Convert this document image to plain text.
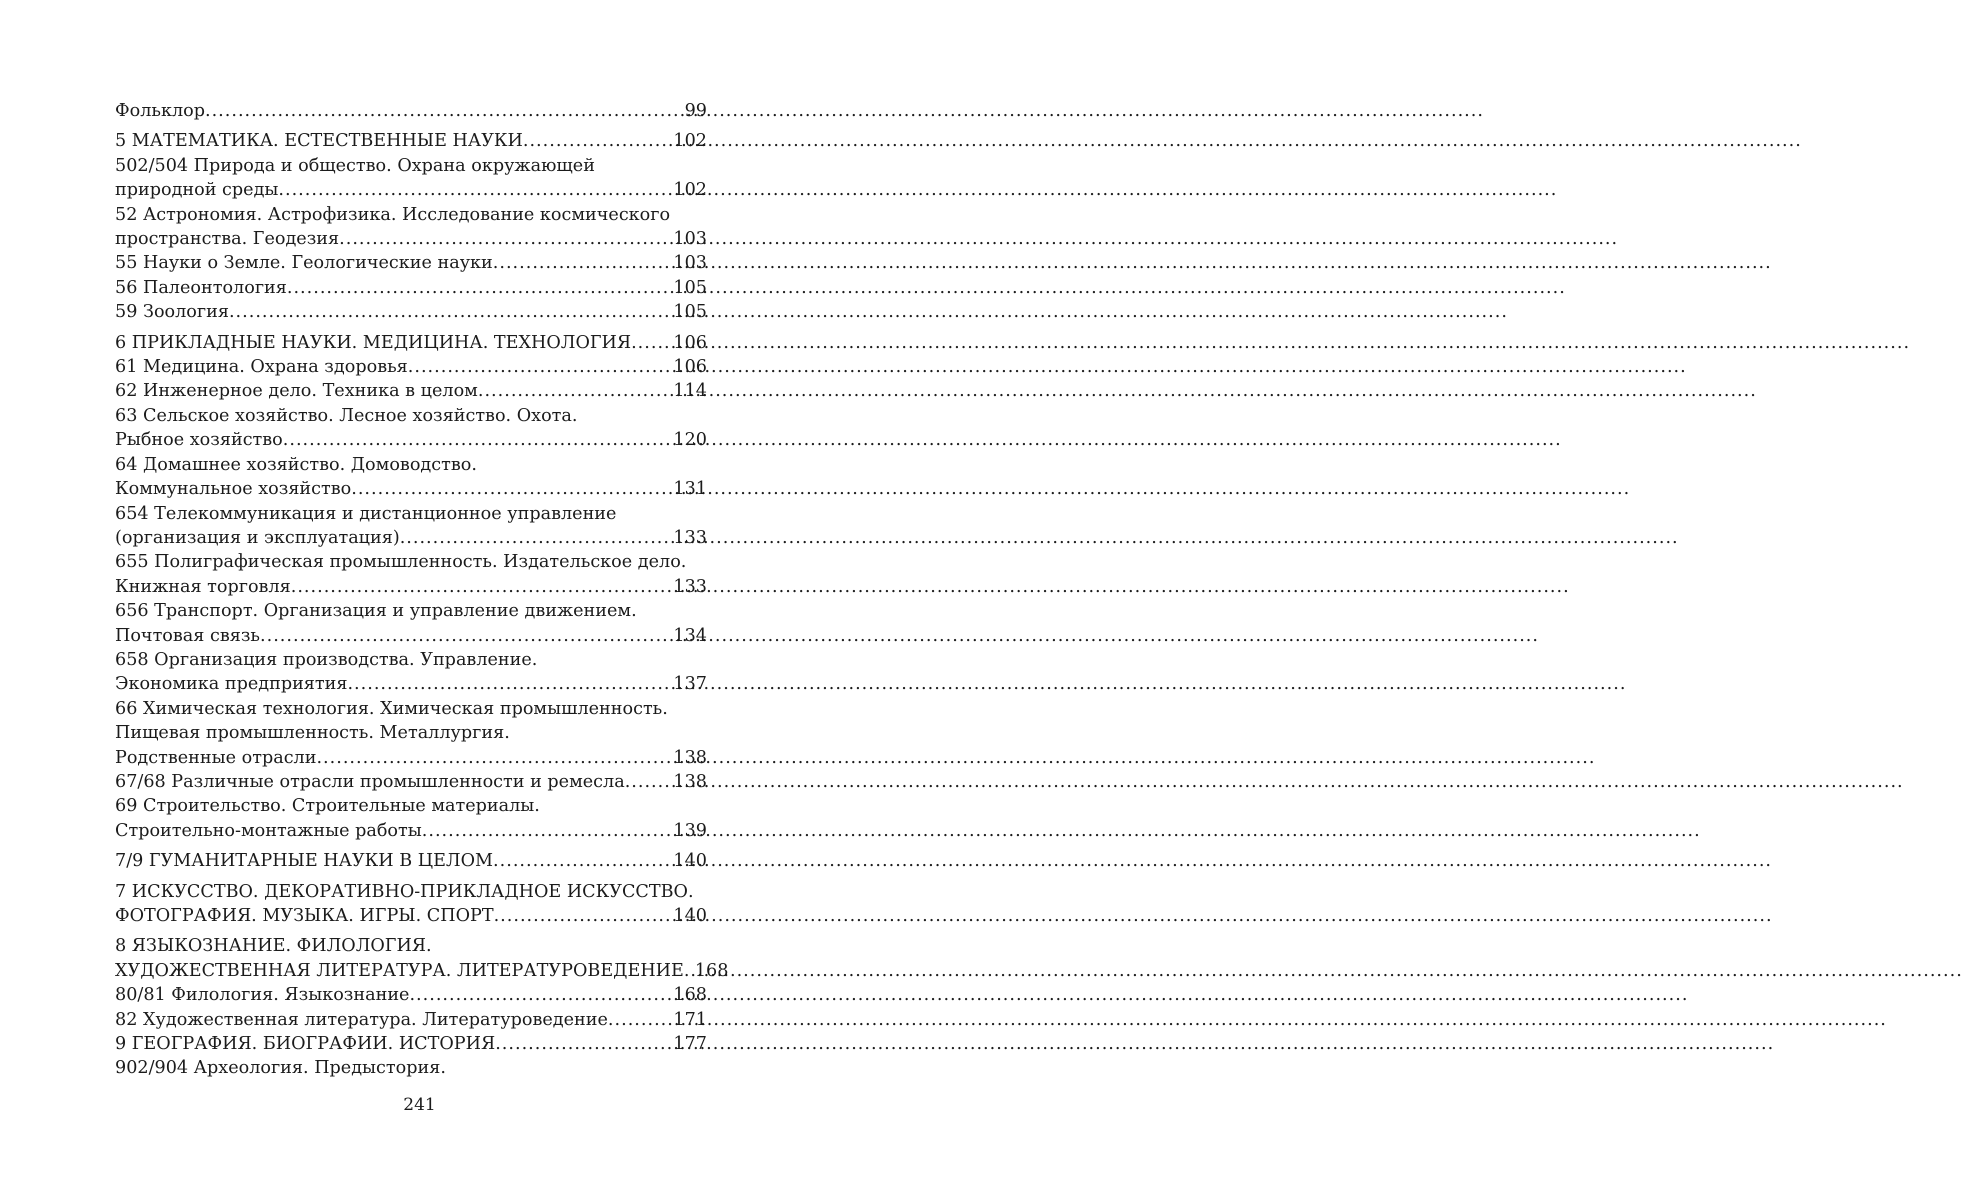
Фольклор .....	99
5 МАТЕМАТИКА. ЕСТЕСТВЕННЫЕ НАУКИ .....	102
502/504 Природа и общество. Охрана окружающей
природной среды .....	102
52 Астрономия. Астрофизика. Исследование космического
пространства. Геодезия .....	103
55 Науки о Земле. Геологические науки .....	103
56 Палеонтология .....	105
59 Зоология .....	105
6 ПРИКЛАДНЫЕ НАУКИ. МЕДИЦИНА. ТЕХНОЛОГИЯ ..... 106
61 Медицина. Охрана здоровья .....	106
62 Инженерное дело. Техника в целом .....	114
63 Сельское хозяйство. Лесное хозяйство. Охота.
Рыбное хозяйство .....	120
64 Домашнее хозяйство. Домоводство.
Коммунальное хозяйство .....	131
654 Телекоммуникация и дистанционное управление
(организация и эксплуатация) .....	133
655 Полиграфическая промышленность. Издательское дело.
Книжная торговля .....	133
656 Транспорт. Организация и управление движением.
Почтовая связь .....	134
658 Организация производства. Управление.
Экономика предприятия .....	137
66 Химическая технология. Химическая промышленность.
Пищевая промышленность. Металлургия.
Родственные отрасли .....	138
67/68 Различные отрасли промышленности и ремесла .....	138
69 Строительство. Строительные материалы.
Строительно-монтажные работы .....	139
7/9 ГУМАНИТАРНЫЕ НАУКИ В ЦЕЛОМ .....	140
7 ИСКУССТВО. ДЕКОРАТИВНО-ПРИКЛАДНОЕ ИСКУССТВО.
ФОТОГРАФИЯ. МУЗЫКА. ИГРЫ. СПОРТ .....	140
8 ЯЗЫКОЗНАНИЕ. ФИЛОЛОГИЯ.
ХУДОЖЕСТВЕННАЯ ЛИТЕРАТУРА. ЛИТЕРАТУРОВЕДЕНИЕ ..... 168
80/81 Филология. Языкознание .....	168
82 Художественная литература. Литературоведение .....	171
9 ГЕОГРАФИЯ. БИОГРАФИИ. ИСТОРИЯ .....	177
902/904 Археология. Предыстория.
241
